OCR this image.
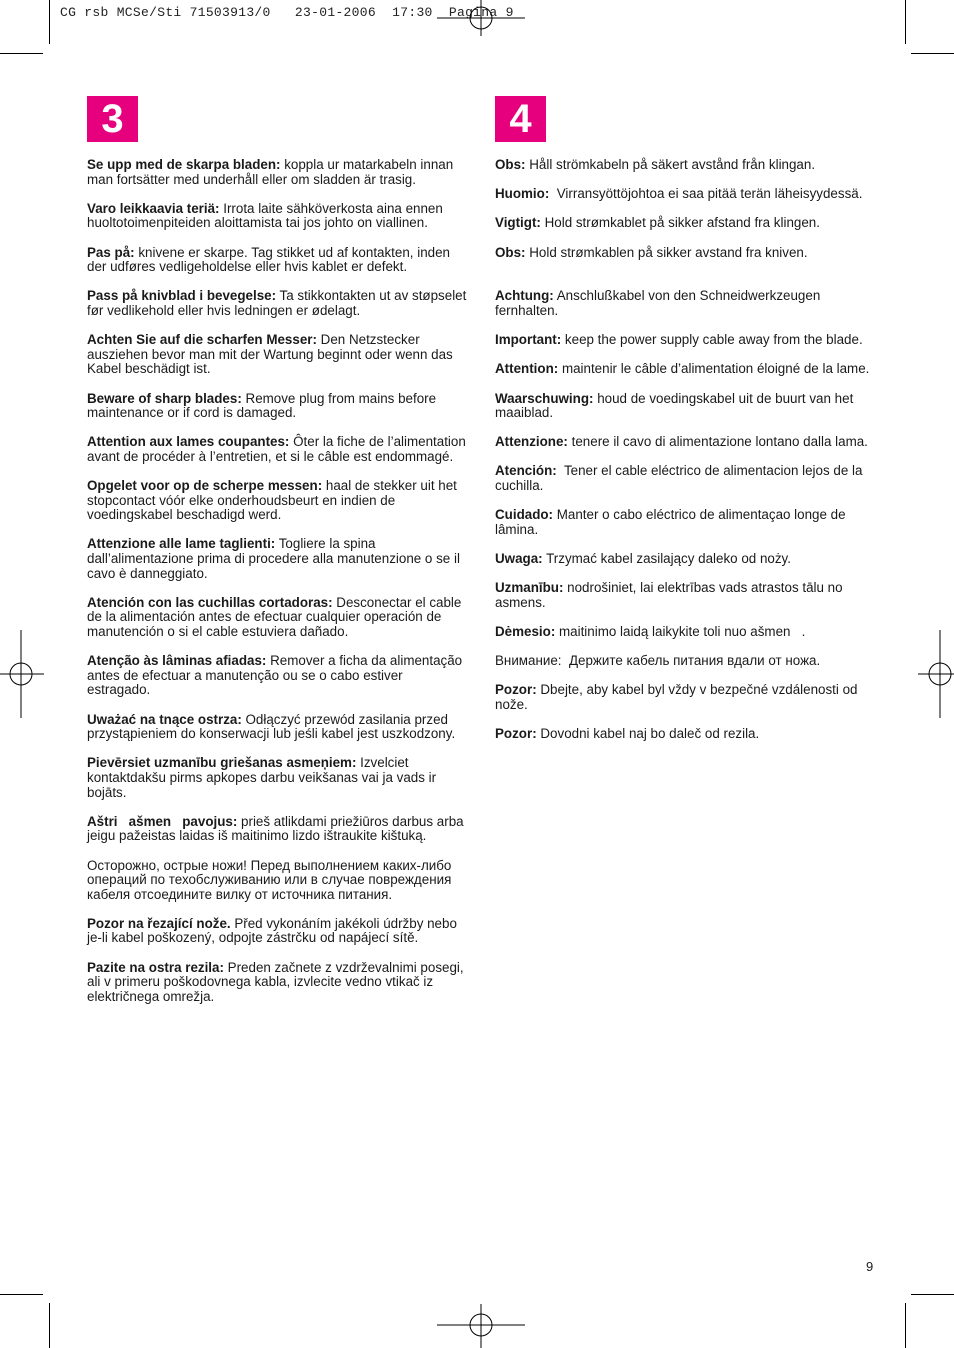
CG rsb MCSe/Sti 71503913/0   23-01-2006  17:30  Pagina 9
3	4

Se upp med de skarpa bladen: koppla ur matarkabeln innan man fortsätter med underhåll eller om sladden är trasig.

Varo leikkaavia teriä: Irrota laite sähköverkosta aina ennen huoltotoimenpiteiden aloittamista tai jos johto on viallinen.

Pas på: knivene er skarpe. Tag stikket ud af kontakten, inden der udføres vedligeholdelse eller hvis kablet er defekt.

Pass på knivblad i bevegelse: Ta stikkontakten ut av støpselet før vedlikehold eller hvis ledningen er ødelagt.

Achten Sie auf die scharfen Messer: Den Netzstecker ausziehen bevor man mit der Wartung beginnt oder wenn das Kabel beschädigt ist.

Beware of sharp blades: Remove plug from mains before maintenance or if cord is damaged.

Attention aux lames coupantes: Ôter la fiche de l’alimentation avant de procéder à l’entretien, et si le câble est endommagé.

Opgelet voor op de scherpe messen: haal de stekker uit het stopcontact vóór elke onderhoudsbeurt en indien de voedingskabel beschadigd werd.

Attenzione alle lame taglienti: Togliere la spina dall’alimentazione prima di procedere alla manutenzione o se il cavo è danneggiato.

Atención con las cuchillas cortadoras: Desconectar el cable de la alimentación antes de efectuar cualquier operación de manutención o si el cable estuviera dañado.

Atenção às lâminas afiadas: Remover a ficha da alimentação antes de efectuar a manutenção ou se o cabo estiver estragado.

Uważać na tnące ostrza: Odłączyć przewód zasilania przed przystąpieniem do konserwacji lub jeśli kabel jest uszkodzony.

Pievērsiet uzmanību griešanas asmeņiem: Izvelciet kontaktdakšu pirms apkopes darbu veikšanas vai ja vads ir bojāts.

Aštri   ašmen   pavojus: prieš atlikdami priežiūros darbus arba jeigu pažeistas laidas iš maitinimo lizdo ištraukite kištuką.

Осторожно, острые ножи! Перед выполнением каких-либо операций по техобслуживанию или в случае повреждения кабеля отсоедините вилку от источника питания.

Pozor na řezající nože. Před vykonáním jakékoli údržby nebo je-li kabel poškozený, odpojte zástrčku od napájecí sítě.

Pazite na ostra rezila: Preden začnete z vzdrževalnimi posegi, ali v primeru poškodovnega kabla, izvlecite vedno vtikač iz električnega omrežja.

Obs: Håll strömkabeln på säkert avstånd från klingan.

Huomio:  Virransyöttöjohtoa ei saa pitää terän läheisyydessä.

Vigtigt: Hold strømkablet på sikker afstand fra klingen.

Obs: Hold strømkablen på sikker avstand fra kniven.

Achtung: Anschlußkabel von den Schneidwerkzeugen fernhalten.

Important: keep the power supply cable away from the blade.

Attention: maintenir le câble d’alimentation éloigné de la lame.

Waarschuwing: houd de voedingskabel uit de buurt van het maaiblad.

Attenzione: tenere il cavo di alimentazione lontano dalla lama.

Atención:  Tener el cable eléctrico de alimentacion lejos de la cuchilla.

Cuidado: Manter o cabo eléctrico de alimentaçao longe de lâmina.

Uwaga: Trzymać kabel zasilający daleko od noży.

Uzmanību: nodrošiniet, lai elektrības vads atrastos tālu no asmens.

Dėmesio: maitinimo laidą laikykite toli nuo ašmen   .

Внимание:  Держите кабель питания вдали от ножа.

Pozor: Dbejte, aby kabel byl vždy v bezpečné vzdálenosti od nože.

Pozor: Dovodni kabel naj bo daleč od rezila.

9
